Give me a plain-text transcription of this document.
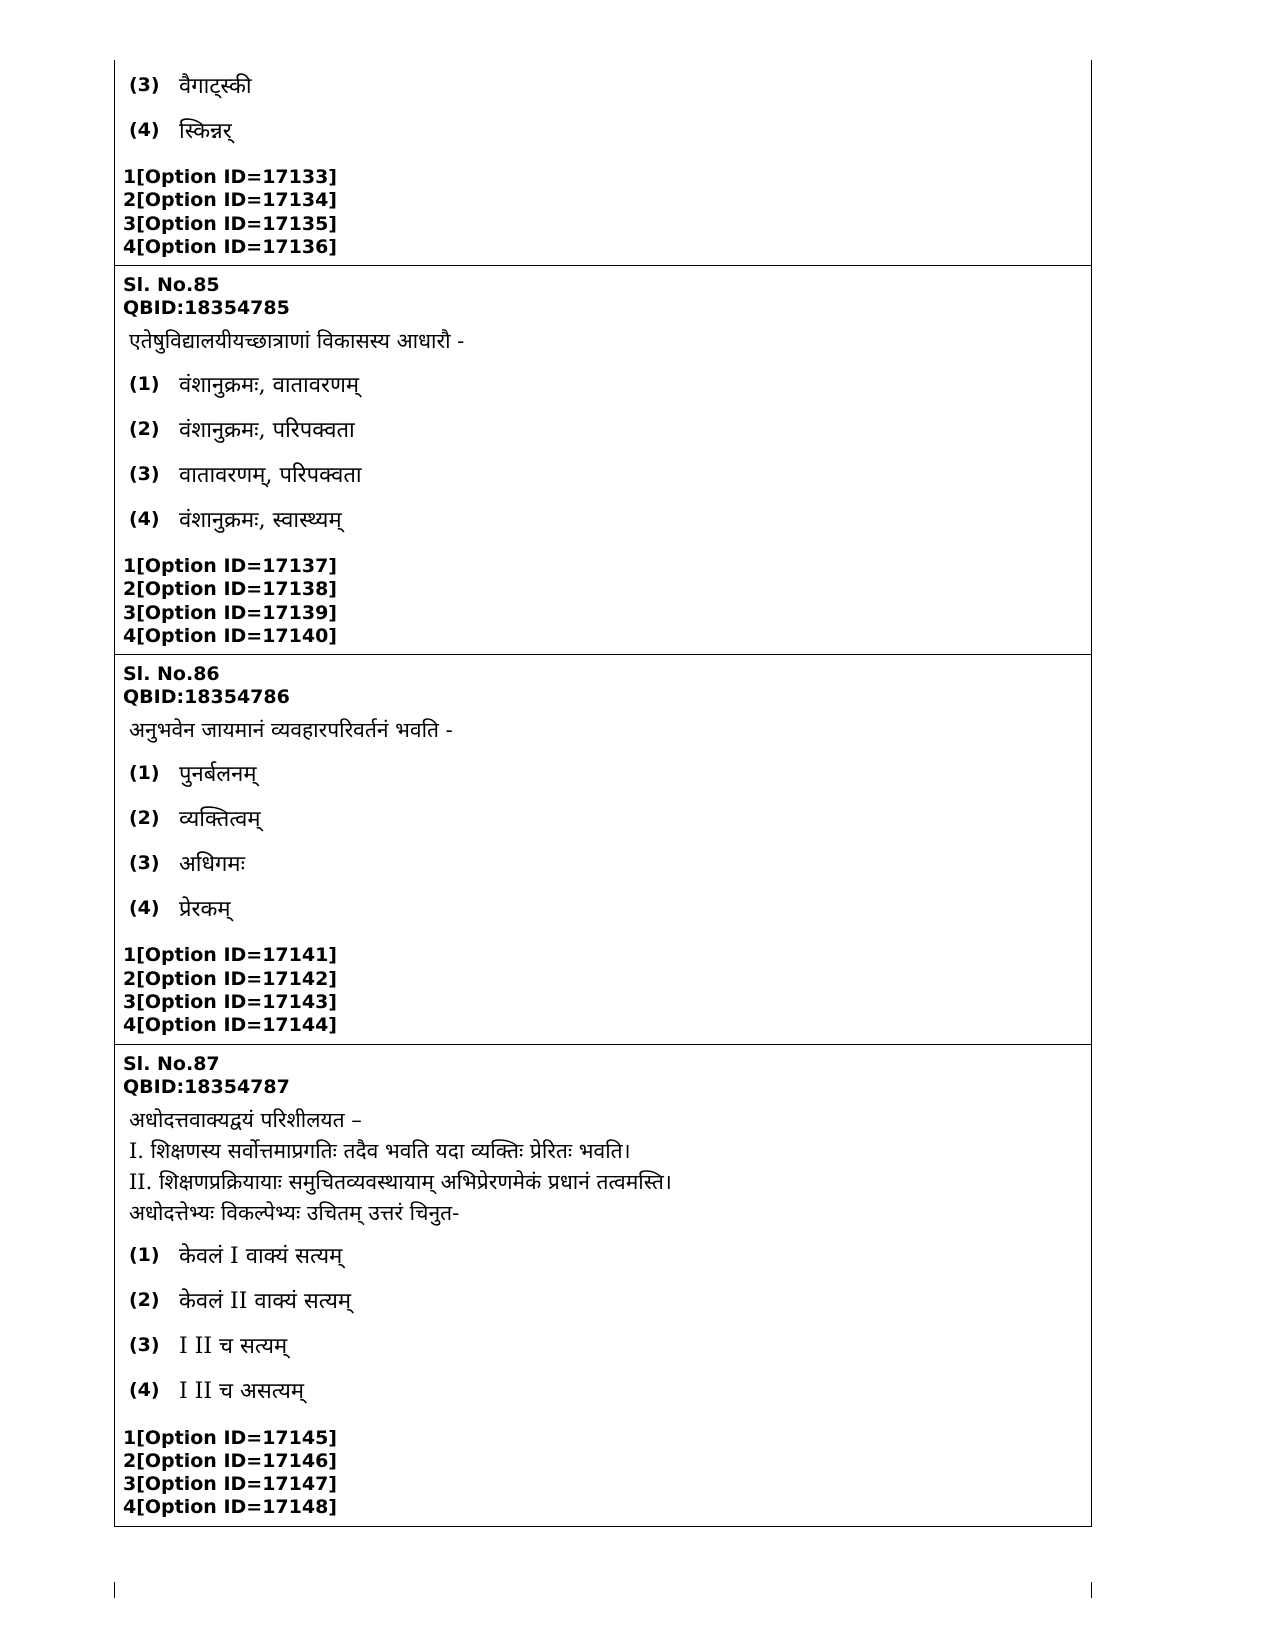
(3) वैगाट्स्की
(4) स्किन्नर्
1[Option ID=17133]
2[Option ID=17134]
3[Option ID=17135]
4[Option ID=17136]
Sl. No.85
QBID:18354785
एतेषुविद्यालयीयच्छात्राणां विकासस्य आधारौ -
(1) वंशानुक्रमः, वातावरणम्
(2) वंशानुक्रमः, परिपक्वता
(3) वातावरणम्, परिपक्वता
(4) वंशानुक्रमः, स्वास्थ्यम्
1[Option ID=17137]
2[Option ID=17138]
3[Option ID=17139]
4[Option ID=17140]
Sl. No.86
QBID:18354786
अनुभवेन जायमानं व्यवहारपरिवर्तनं भवति -
(1) पुनर्बलनम्
(2) व्यक्तित्वम्
(3) अधिगमः
(4) प्रेरकम्
1[Option ID=17141]
2[Option ID=17142]
3[Option ID=17143]
4[Option ID=17144]
Sl. No.87
QBID:18354787
अधोदत्तवाक्यद्वयं परिशीलयत –
I. शिक्षणस्य सर्वोत्तमाप्रगतिः तदैव भवति यदा व्यक्तिः प्रेरितः भवति।
II. शिक्षणप्रक्रियायाः समुचितव्यवस्थायाम् अभिप्रेरणमेकं प्रधानं तत्वमस्ति।
अधोदत्तेभ्यः विकल्पेभ्यः उचितम् उत्तरं चिनुत-
(1) केवलं I वाक्यं सत्यम्
(2) केवलं II वाक्यं सत्यम्
(3) I II च सत्यम्
(4) I II च असत्यम्
1[Option ID=17145]
2[Option ID=17146]
3[Option ID=17147]
4[Option ID=17148]
